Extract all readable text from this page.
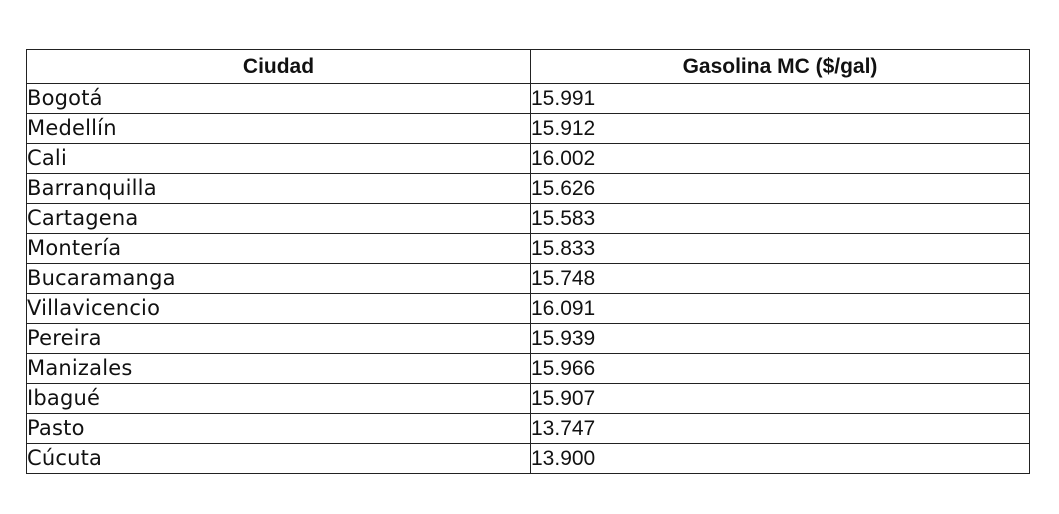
Ciudad	Gasolina MC ($/gal)
Bogotá	15.991
Medellín	15.912
Cali	16.002
Barranquilla	15.626
Cartagena	15.583
Montería	15.833
Bucaramanga	15.748
Villavicencio	16.091
Pereira	15.939
Manizales	15.966
Ibagué	15.907
Pasto	13.747
Cúcuta	13.900
